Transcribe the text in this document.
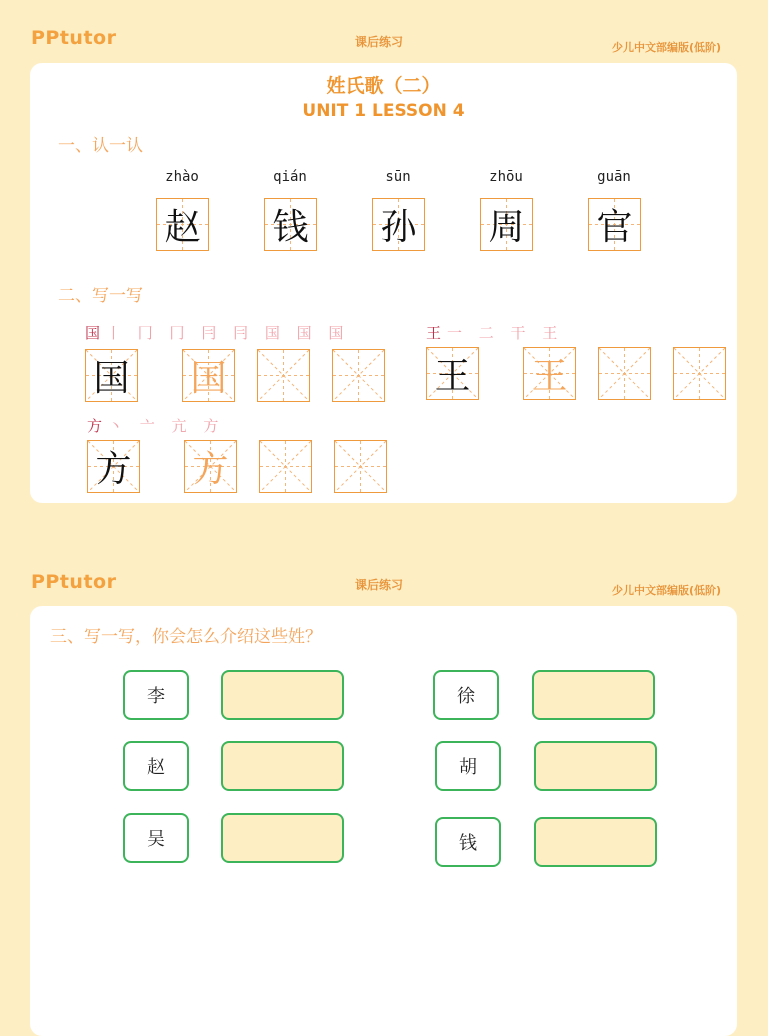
PPtutor	课后练习	少儿中文部编版(低阶)
姓氏歌（二）
UNIT 1 LESSON 4
一、认一认
zhào	qián	sūn	zhōu	guān
赵 钱 孙 周 官
二、写一写
国 丨 冂 冂 冃 冃 国 国 国
国 国
王 一 二 干 王
王 王
方 丶 亠 亢 方
方 方
PPtutor	课后练习	少儿中文部编版(低阶)
三、写一写，你会怎么介绍这些姓？
李
赵
吴
徐
胡
钱
